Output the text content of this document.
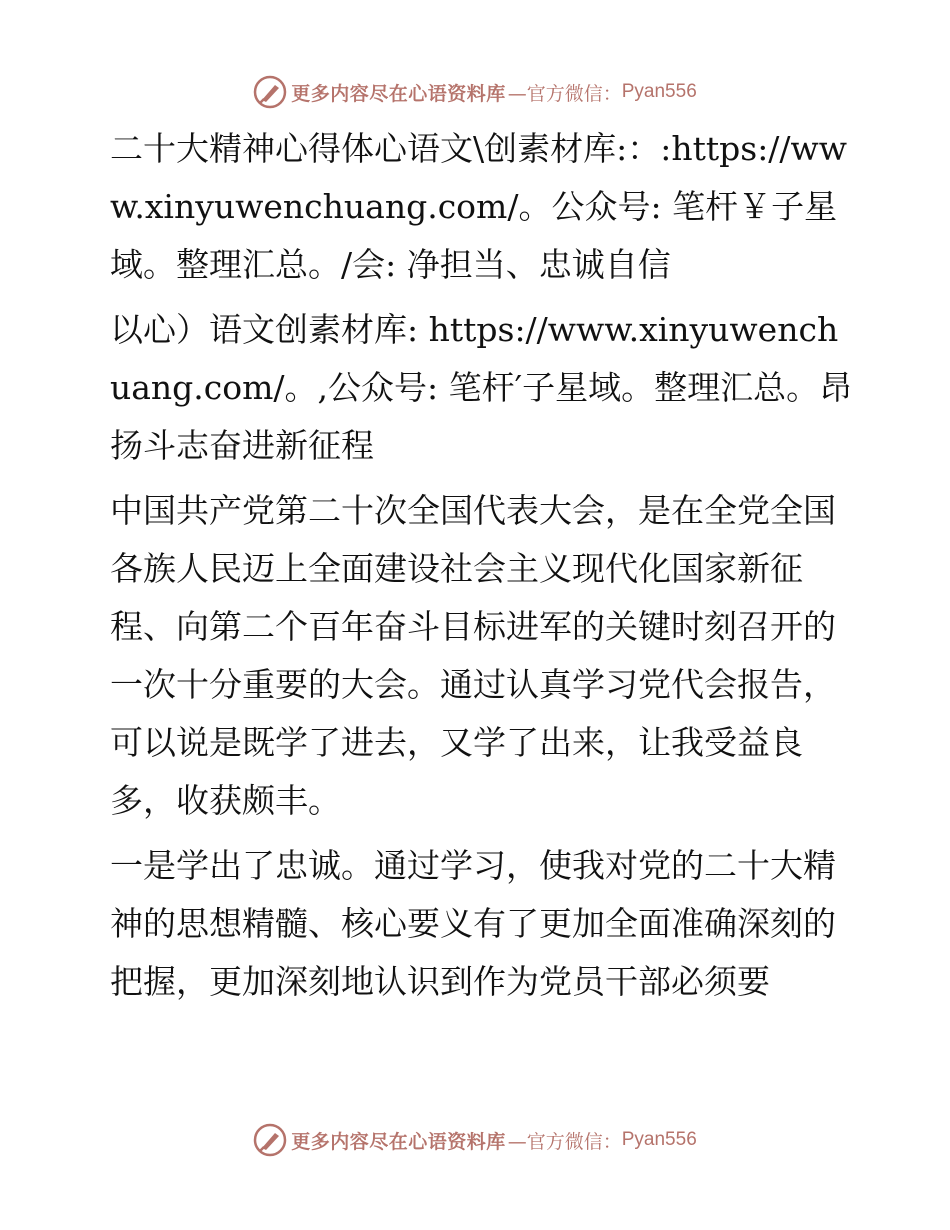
更多内容尽在心语资料库 —官方微信： Pyan556

二十大精神心得体心语文\创素材库:：:https://www.xinyuwenchuang.com/。公众号: 笔杆￥子星域。整理汇总。/会: 净担当、忠诚自信

以心）语文创素材库: https://www.xinyuwenchuang.com/。,公众号: 笔杆′子星域。整理汇总。昂扬斗志奋进新征程

中国共产党第二十次全国代表大会，是在全党全国各族人民迈上全面建设社会主义现代化国家新征程、向第二个百年奋斗目标进军的关键时刻召开的一次十分重要的大会。通过认真学习党代会报告，可以说是既学了进去，又学了出来，让我受益良多，收获颇丰。

一是学出了忠诚。通过学习，使我对党的二十大精神的思想精髓、核心要义有了更加全面准确深刻的把握，更加深刻地认识到作为党员干部必须要

更多内容尽在心语资料库 —官方微信： Pyan556
